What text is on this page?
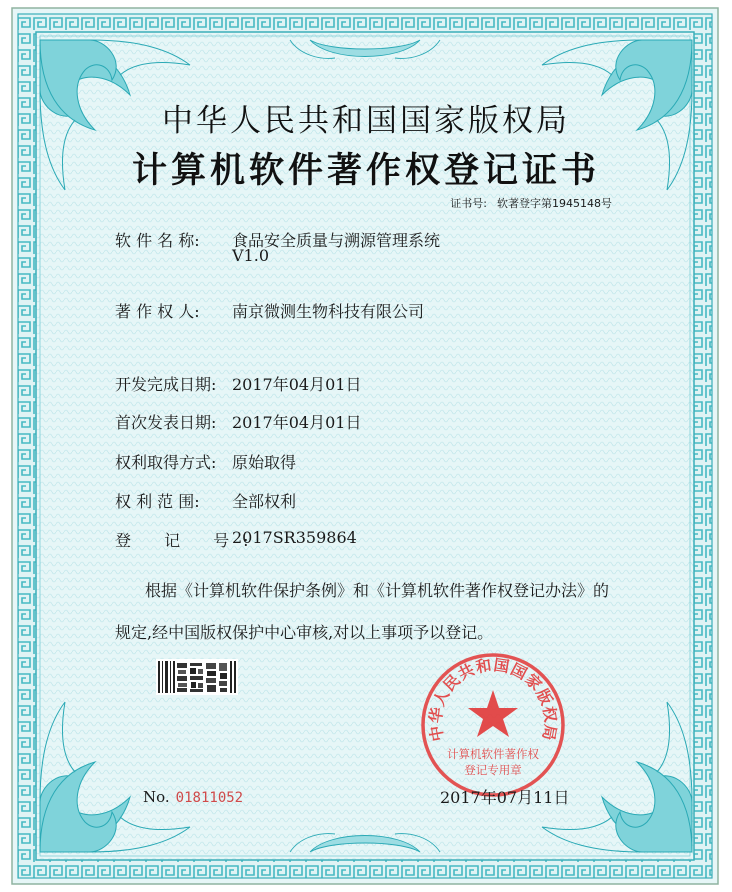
中华人民共和国国家版权局
计算机软件著作权登记证书
证书号: 软著登字第1945148号
软 件 名 称: 食品安全质量与溯源管理系统
V1.0
著 作 权 人: 南京微测生物科技有限公司
开发完成日期: 2017年04月01日
首次发表日期: 2017年04月01日
权利取得方式: 原始取得
权 利 范 围: 全部权利
登 记 号:
2017SR359864
根据《计算机软件保护条例》和《计算机软件著作权登记办法》的
规定,经中国版权保护中心审核,对以上事项予以登记。
中华人民共和国国家版权局
计算机软件著作权
登记专用章
No. 01811052	2017年07月11日
